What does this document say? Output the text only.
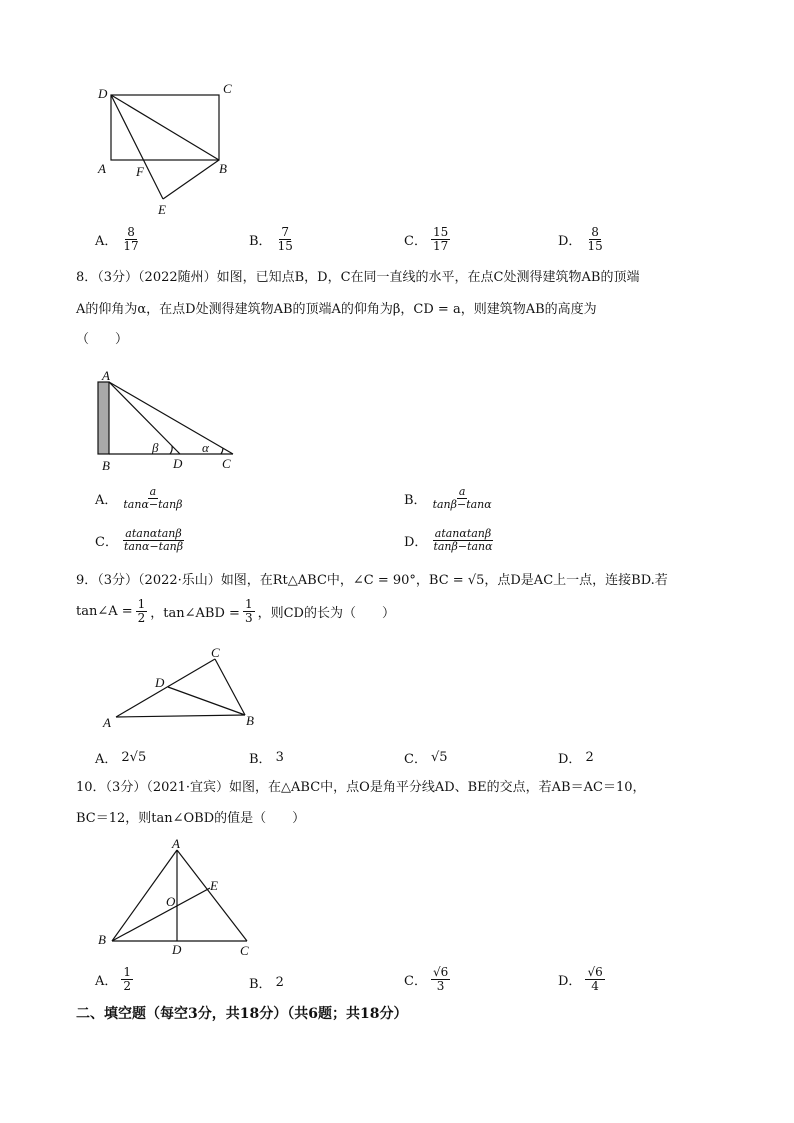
D	C
A F	B
E
A． $\frac{8}{17}$	B． $\frac{7}{15}$	C． $\frac{15}{17}$	D． $\frac{8}{15}$
8．（3分）（2022随州）如图，已知点B，D，C在同一直线的水平，在点C处测得建筑物AB的顶端
A的仰角为α，在点D处测得建筑物AB的顶端A的仰角为β，CD = a，则建筑物AB的高度为
（　　）
A
B	D	C
β	α
A． $\frac{a}{\tan\alpha-\tan\beta}$	B． $\frac{a}{\tan\beta-\tan\alpha}$
C． $\frac{atan\alpha\tan\beta}{\tan\alpha-\tan\beta}$	D． $\frac{atan\alpha\tan\beta}{\tan\beta-\tan\alpha}$
9．（3分）（2022·乐山）如图，在Rt△ABC中，∠C = 90°，BC = √5，点D是AC上一点，连接BD.若
tan∠A = $\frac{1}{2}$ ，tan∠ABD = $\frac{1}{3}$ ，则CD的长为（　　）
C
D
A	B
A． 2√5	B． 3	C． √5	D． 2
10．（3分）（2021·宜宾）如图，在△ABC中，点O是角平分线AD、BE的交点，若AB＝AC＝10，
BC＝12，则tan∠OBD的值是（　　）
A
E
O
B
D	C
A． $\frac{1}{2}$	B． 2	C． $\frac{√6}{3}$	D． $\frac{√6}{4}$
二、填空题（每空3分，共18分）（共6题；共18分）
